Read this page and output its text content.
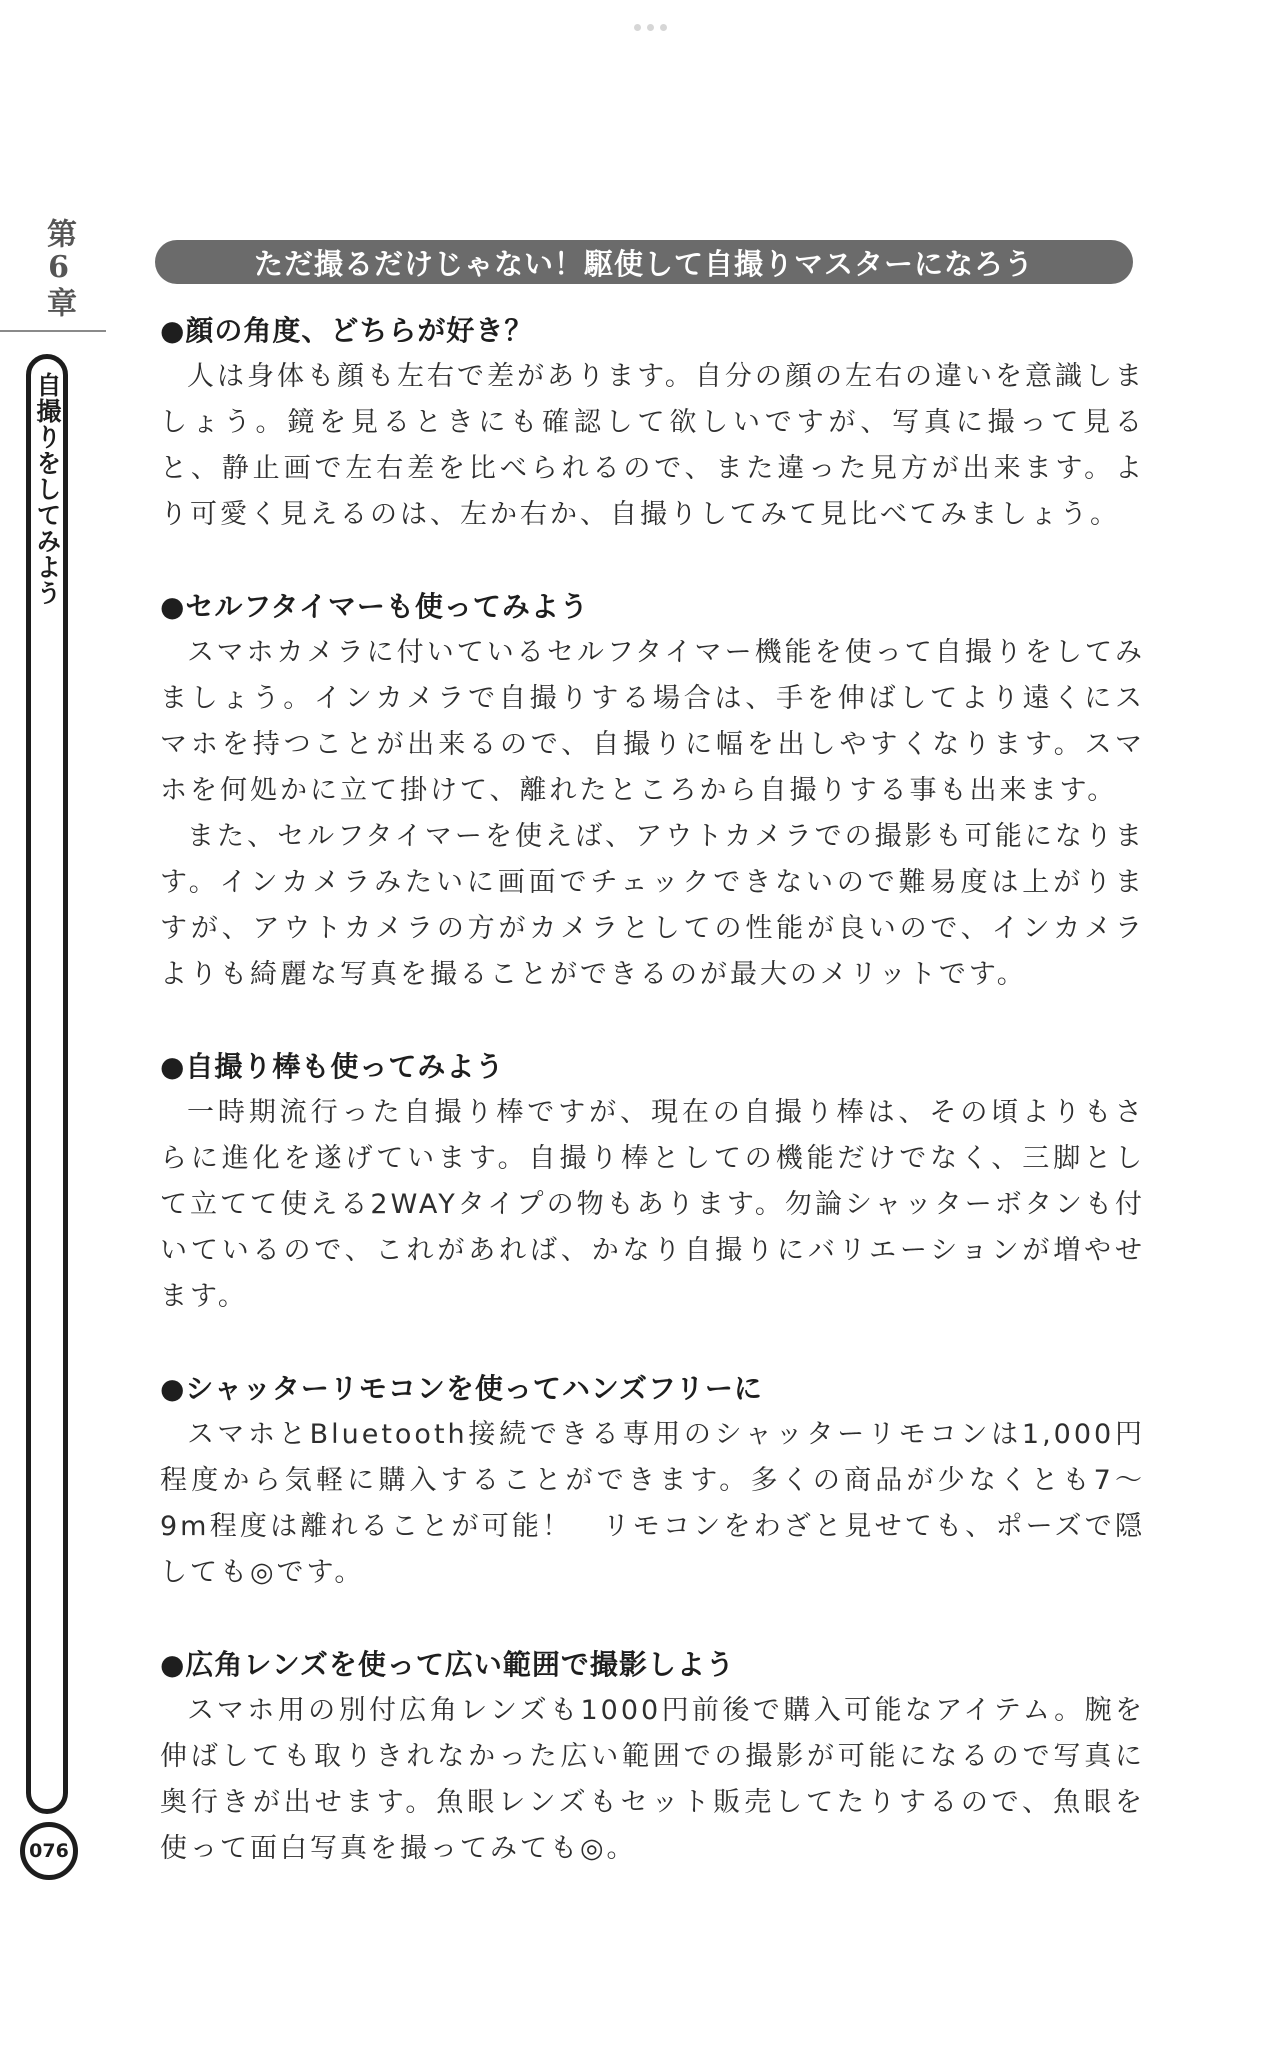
第6章
自撮りをしてみよう
076
ただ撮るだけじゃない！駆使して自撮りマスターになろう
●顔の角度、どちらが好き？

人は身体も顔も左右で差があります。自分の顔の左右の違いを意識しましょう。鏡を見るときにも確認して欲しいですが、写真に撮って見ると、静止画で左右差を比べられるので、また違った見方が出来ます。より可愛く見えるのは、左か右か、自撮りしてみて見比べてみましょう。

●セルフタイマーも使ってみよう

スマホカメラに付いているセルフタイマー機能を使って自撮りをしてみましょう。インカメラで自撮りする場合は、手を伸ばしてより遠くにスマホを持つことが出来るので、自撮りに幅を出しやすくなります。スマホを何処かに立て掛けて、離れたところから自撮りする事も出来ます。

また、セルフタイマーを使えば、アウトカメラでの撮影も可能になります。インカメラみたいに画面でチェックできないので難易度は上がりますが、アウトカメラの方がカメラとしての性能が良いので、インカメラよりも綺麗な写真を撮ることができるのが最大のメリットです。

●自撮り棒も使ってみよう

一時期流行った自撮り棒ですが、現在の自撮り棒は、その頃よりもさらに進化を遂げています。自撮り棒としての機能だけでなく、三脚として立てて使える2WAYタイプの物もあります。勿論シャッターボタンも付いているので、これがあれば、かなり自撮りにバリエーションが増やせます。

●シャッターリモコンを使ってハンズフリーに

スマホとBluetooth接続できる専用のシャッターリモコンは1,000円程度から気軽に購入することができます。多くの商品が少なくとも7〜9m程度は離れることが可能！　リモコンをわざと見せても、ポーズで隠しても◎です。

●広角レンズを使って広い範囲で撮影しよう

スマホ用の別付広角レンズも1000円前後で購入可能なアイテム。腕を伸ばしても取りきれなかった広い範囲での撮影が可能になるので写真に奥行きが出せます。魚眼レンズもセット販売してたりするので、魚眼を使って面白写真を撮ってみても◎。
